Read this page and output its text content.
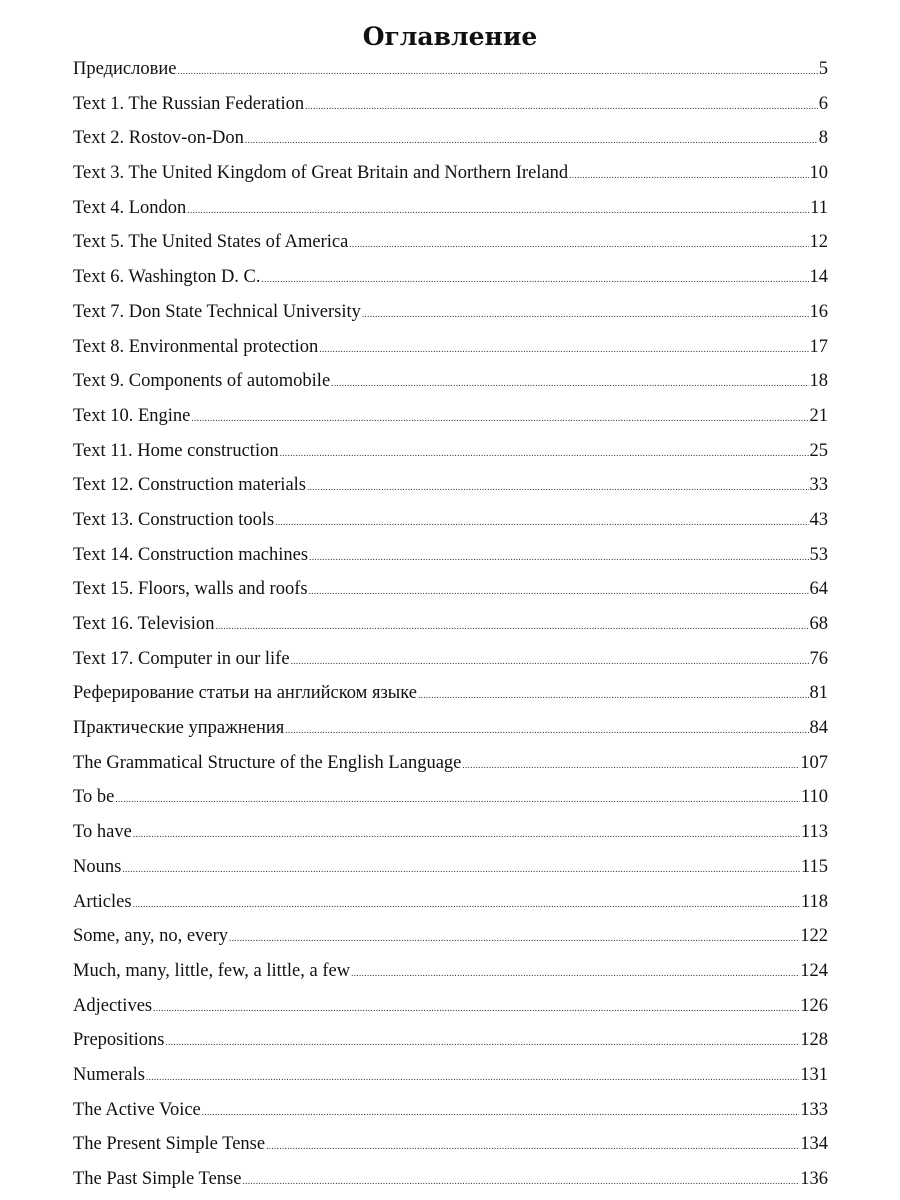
Оглавление
Предисловие .....	5
Text 1. The Russian Federation .....	6
Text 2. Rostov-on-Don .....	8
Text 3. The United Kingdom of Great Britain and Northern Ireland .....	10
Text 4. London .....	11
Text 5. The United States of America .....	12
Text 6. Washington D. C. .....	14
Text 7. Don State Technical University .....	16
Text 8. Environmental protection .....	17
Text 9. Components of automobile .....	18
Text 10. Engine .....	21
Text 11. Home construction .....	25
Text 12. Construction materials .....	33
Text 13. Construction tools .....	43
Text 14. Construction machines .....	53
Text 15. Floors, walls and roofs .....	64
Text 16. Television .....	68
Text 17. Computer in our life .....	76
Реферирование статьи на английском языке .....	81
Практические упражнения .....	84
The Grammatical Structure of the English Language .....	107
To be .....	110
To have .....	113
Nouns .....	115
Articles .....	118
Some, any, no, every .....	122
Much, many, little, few, a little, a few .....	124
Adjectives .....	126
Prepositions .....	128
Numerals .....	131
The Active Voice .....	133
The Present Simple Tense .....	134
The Past Simple Tense .....	136
